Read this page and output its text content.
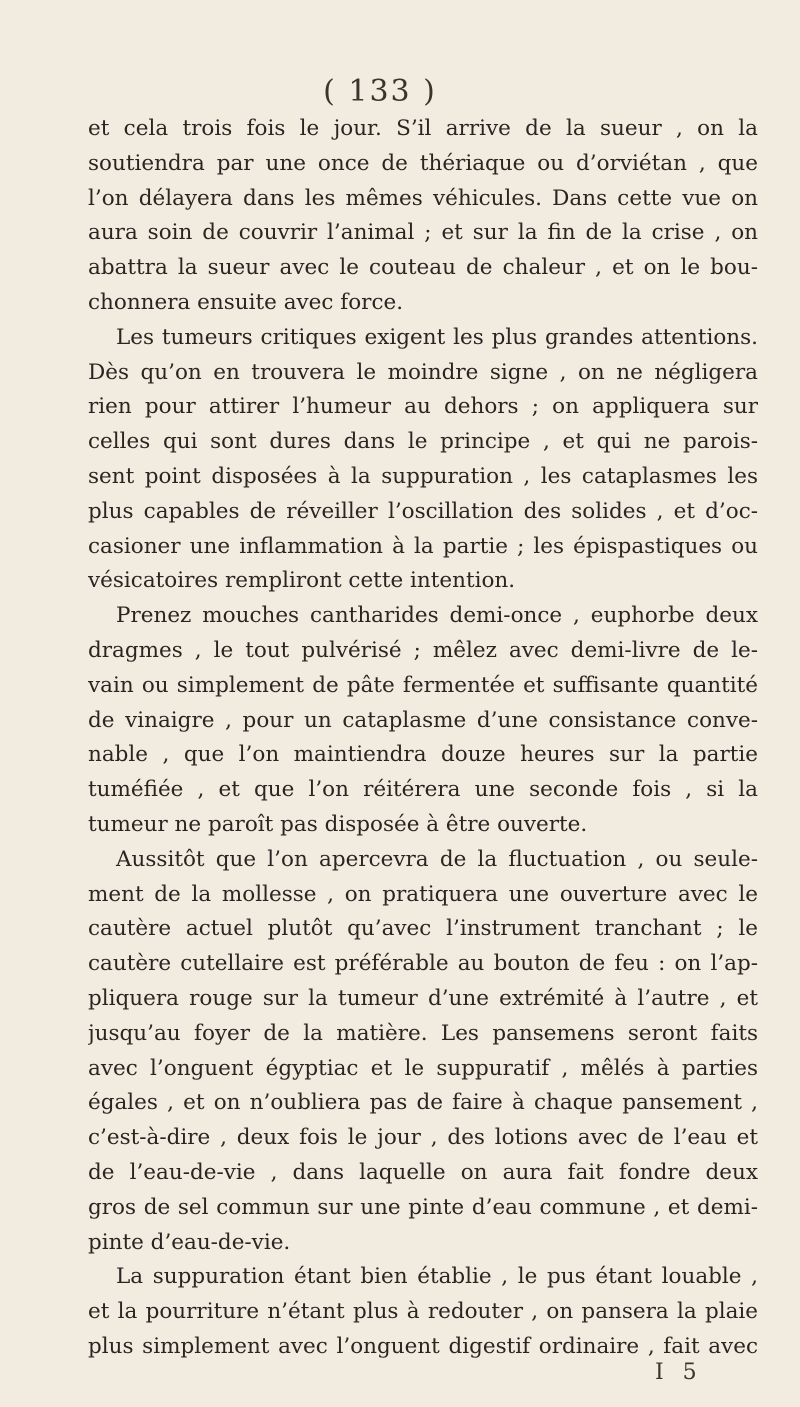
( 133 )
et cela trois fois le jour. S’il arrive de la sueur , on la
soutiendra par une once de thériaque ou d’orviétan , que
l’on délayera dans les mêmes véhicules. Dans cette vue on
aura soin de couvrir l’animal ; et sur la fin de la crise , on
abattra la sueur avec le couteau de chaleur , et on le bou-
chonnera ensuite avec force.
Les tumeurs critiques exigent les plus grandes attentions.
Dès qu’on en trouvera le moindre signe , on ne négligera
rien pour attirer l’humeur au dehors ; on appliquera sur
celles qui sont dures dans le principe , et qui ne parois-
sent point disposées à la suppuration , les cataplasmes les
plus capables de réveiller l’oscillation des solides , et d’oc-
casioner une inflammation à la partie ; les épispastiques ou
vésicatoires rempliront cette intention.
Prenez mouches cantharides demi-once , euphorbe deux
dragmes , le tout pulvérisé ; mêlez avec demi-livre de le-
vain ou simplement de pâte fermentée et suffisante quantité
de vinaigre , pour un cataplasme d’une consistance conve-
nable , que l’on maintiendra douze heures sur la partie
tuméfiée , et que l’on réitérera une seconde fois , si la
tumeur ne paroît pas disposée à être ouverte.
Aussitôt que l’on apercevra de la fluctuation , ou seule-
ment de la mollesse , on pratiquera une ouverture avec le
cautère actuel plutôt qu’avec l’instrument tranchant ; le
cautère cutellaire est préférable au bouton de feu : on l’ap-
pliquera rouge sur la tumeur d’une extrémité à l’autre , et
jusqu’au foyer de la matière. Les pansemens seront faits
avec l’onguent égyptiac et le suppuratif , mêlés à parties
égales , et on n’oubliera pas de faire à chaque pansement ,
c’est-à-dire , deux fois le jour , des lotions avec de l’eau et
de l’eau-de-vie , dans laquelle on aura fait fondre deux
gros de sel commun sur une pinte d’eau commune , et demi-
pinte d’eau-de-vie.
La suppuration étant bien établie , le pus étant louable ,
et la pourriture n’étant plus à redouter , on pansera la plaie
plus simplement avec l’onguent digestif ordinaire , fait avec
I 5
